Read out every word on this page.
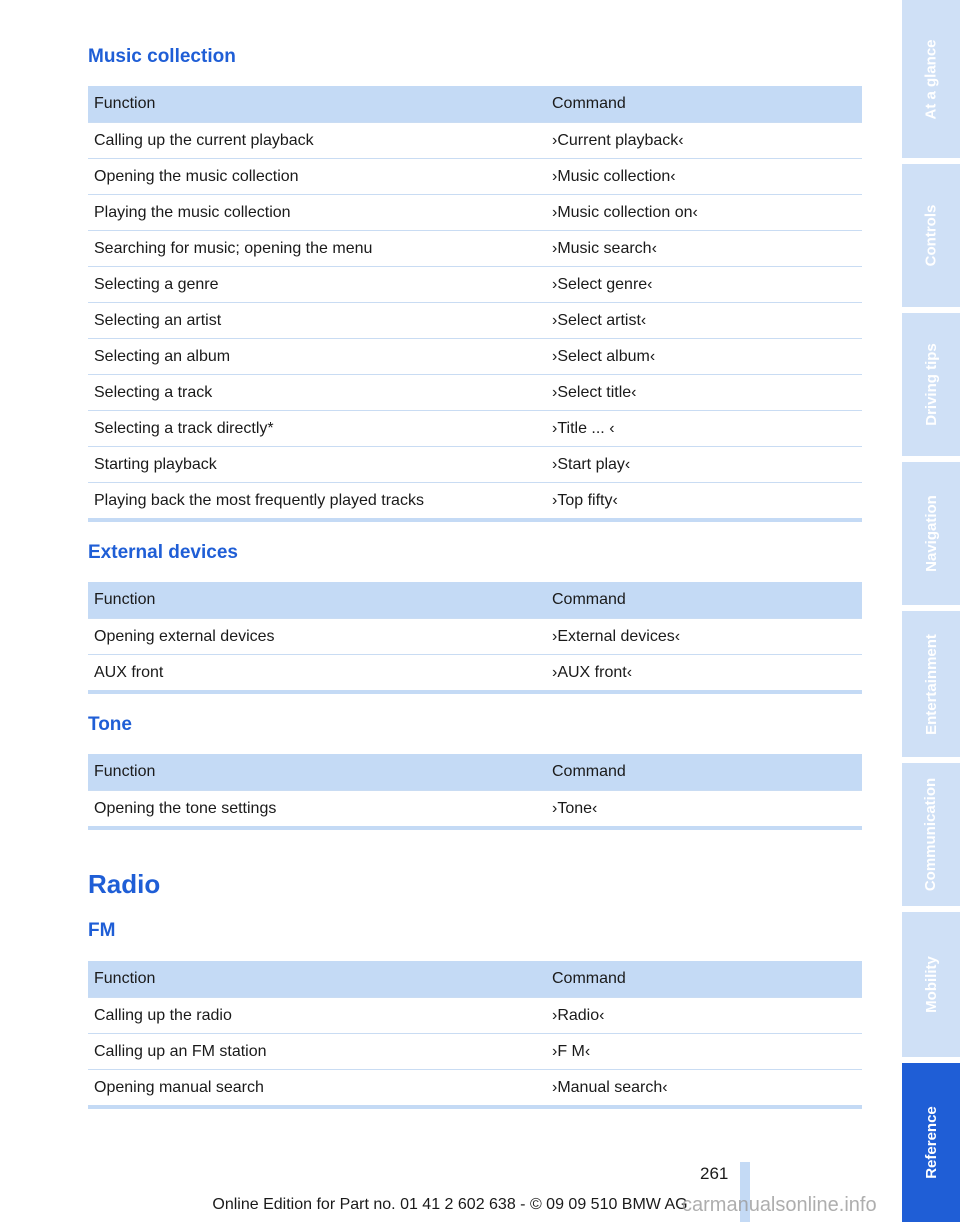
Music collection
Function	Command
Calling up the current playback	›Current playback‹
Opening the music collection	›Music collection‹
Playing the music collection	›Music collection on‹
Searching for music; opening the menu	›Music search‹
Selecting a genre	›Select genre‹
Selecting an artist	›Select artist‹
Selecting an album	›Select album‹
Selecting a track	›Select title‹
Selecting a track directly*	›Title ... ‹
Starting playback	›Start play‹
Playing back the most frequently played tracks	›Top fifty‹
External devices
Function	Command
Opening external devices	›External devices‹
AUX front	›AUX front‹
Tone
Function	Command
Opening the tone settings	›Tone‹
Radio
FM
Function	Command
Calling up the radio	›Radio‹
Calling up an FM station	›F M‹
Opening manual search	›Manual search‹
At a glance
Controls
Driving tips
Navigation
Entertainment
Communication
Mobility
Reference
261
Online Edition for Part no. 01 41 2 602 638 - © 09 09 510 BMW AG
carmanualsonline.info
